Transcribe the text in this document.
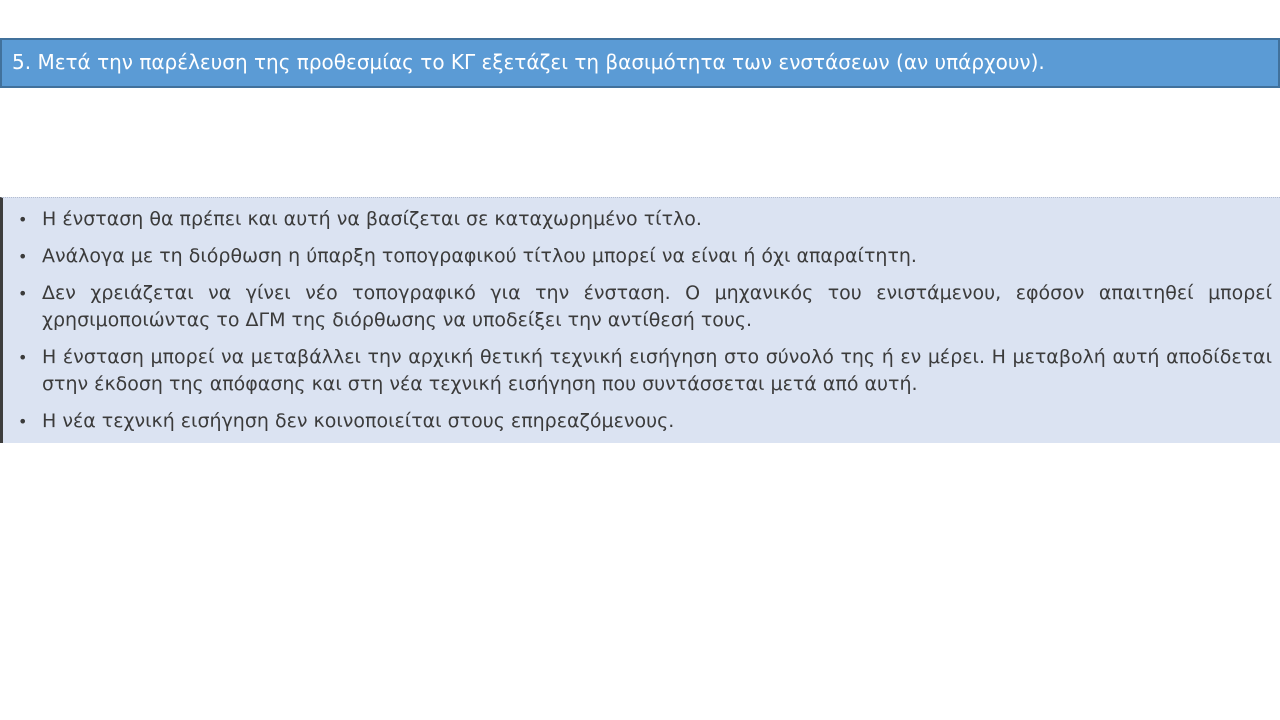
5. Μετά την παρέλευση της προθεσμίας το ΚΓ εξετάζει τη βασιμότητα των ενστάσεων (αν υπάρχουν).
• Η ένσταση θα πρέπει και αυτή να βασίζεται σε καταχωρημένο τίτλο.
• Ανάλογα με τη διόρθωση η ύπαρξη τοπογραφικού τίτλου μπορεί να είναι ή όχι απαραίτητη.
• Δεν χρειάζεται να γίνει νέο τοπογραφικό για την ένσταση. Ο μηχανικός του ενιστάμενου, εφόσον απαιτηθεί μπορεί χρησιμοποιώντας το ΔΓΜ της διόρθωσης να υποδείξει την αντίθεσή τους.
• Η ένσταση μπορεί να μεταβάλλει την αρχική θετική τεχνική εισήγηση στο σύνολό της ή εν μέρει. Η μεταβολή αυτή αποδίδεται στην έκδοση της απόφασης και στη νέα τεχνική εισήγηση που συντάσσεται μετά από αυτή.
• Η νέα τεχνική εισήγηση δεν κοινοποιείται στους επηρεαζόμενους.
